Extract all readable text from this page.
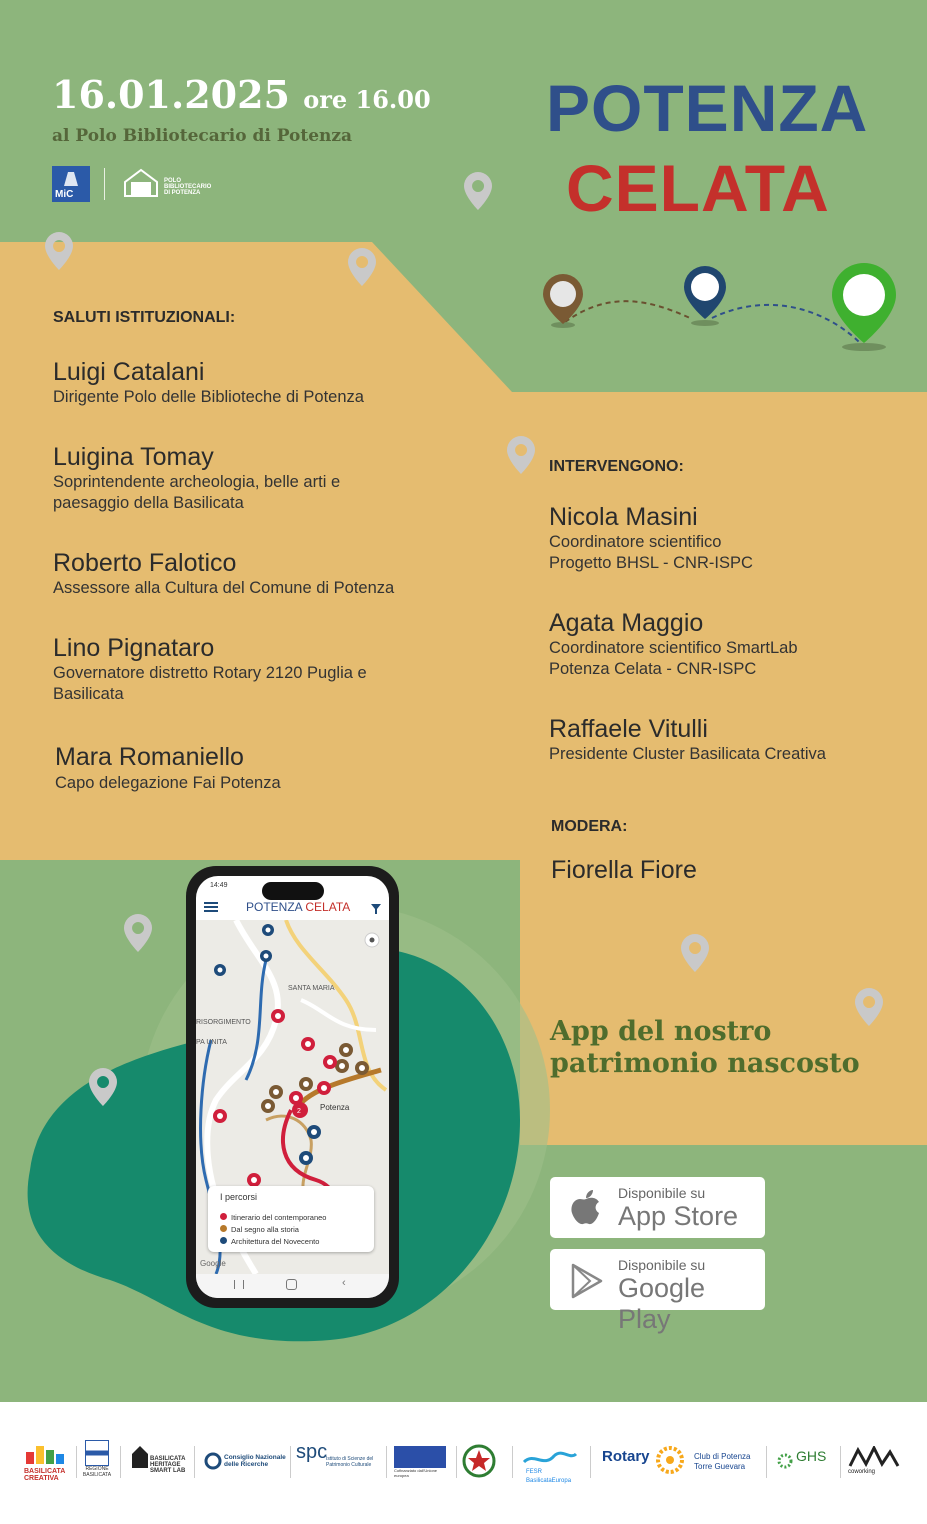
16.01.2025 ore 16.00
al Polo Bibliotecario di Potenza
MiC
POLO
BIBLIOTECARIO
DI POTENZA
POTENZA
CELATA
SALUTI ISTITUZIONALI:
Luigi Catalani
Dirigente Polo delle Biblioteche di Potenza
Luigina Tomay
Soprintendente archeologia, belle arti e paesaggio della Basilicata
Roberto Falotico
Assessore alla Cultura del Comune di Potenza
Lino Pignataro
Governatore distretto Rotary 2120 Puglia e Basilicata
Mara Romaniello
Capo delegazione Fai Potenza
INTERVENGONO:
Nicola Masini
Coordinatore scientifico
Progetto BHSL - CNR-ISPC
Agata Maggio
Coordinatore scientifico SmartLab
Potenza Celata - CNR-ISPC
Raffaele Vitulli
Presidente Cluster Basilicata Creativa
MODERA:
Fiorella Fiore
App del nostro
patrimonio nascosto
Disponibile su
App Store
Disponibile su
Google Play
14:49
POTENZA CELATA
SANTA MARIA
RISORGIMENTO
PA UNITA
Potenza
2
Google
I percorsi
Itinerario del contemporaneo
Dal segno alla storia
Architettura del Novecento
‹
BASILICATA CREATIVA
REGIONE BASILICATA
BASILICATA HERITAGE SMART LAB
Consiglio Nazionale delle Ricerche
spc
Istituto di Scienze del Patrimonio Culturale
Cofinanziato dall'Unione europea
FESR BasilicataEuropa
Rotary	Club di Potenza Torre Guevara
GHS
coworking
